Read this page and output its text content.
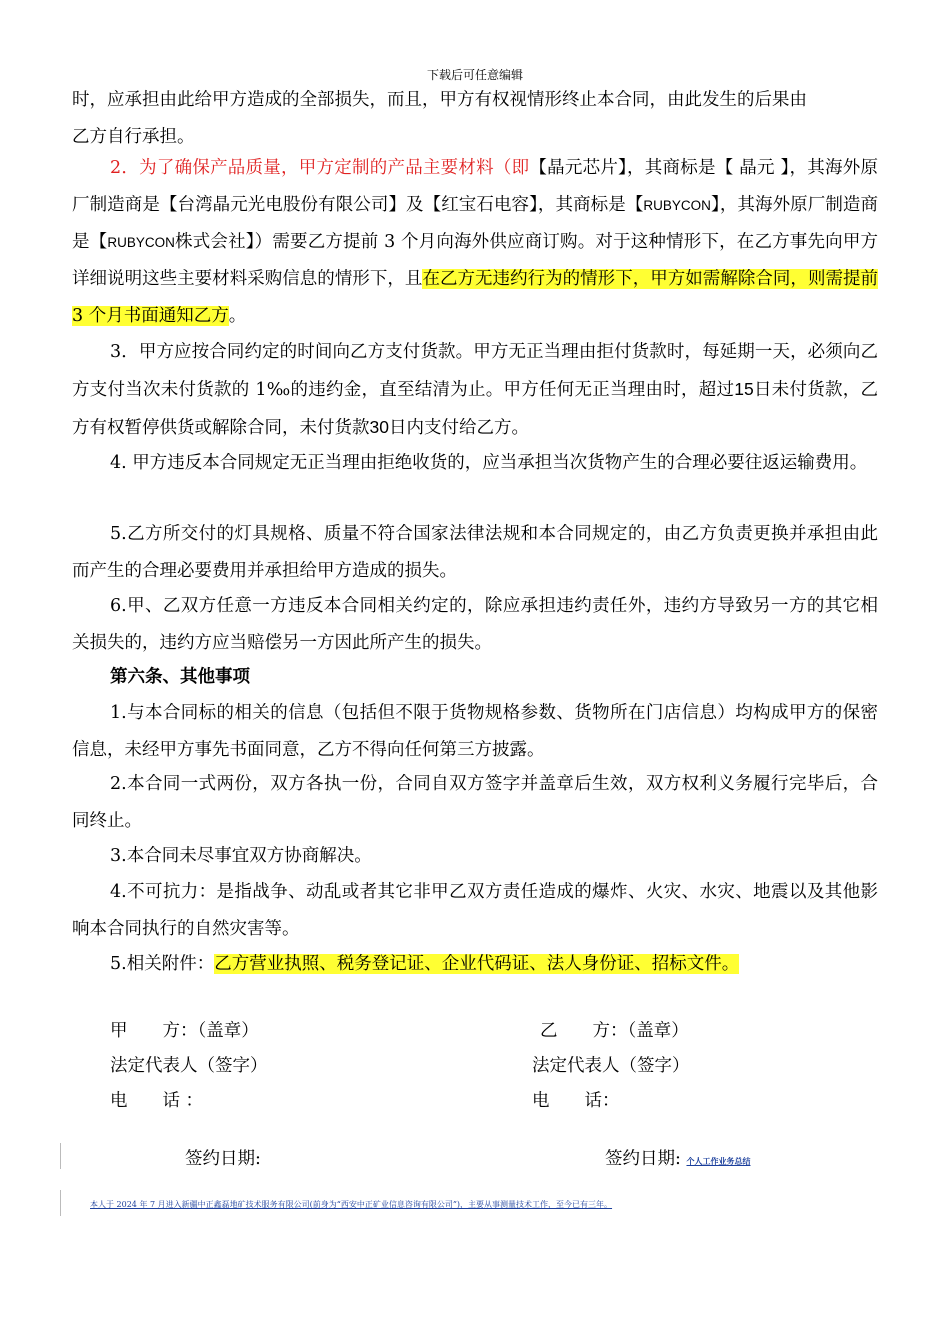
下载后可任意编辑

时，应承担由此给甲方造成的全部损失，而且，甲方有权视情形终止本合同，由此发生的后果由
乙方自行承担。

2．为了确保产品质量，甲方定制的产品主要材料（即【晶元芯片】，其商标是【 晶元 】，其海外原厂制造商是【台湾晶元光电股份有限公司】及【红宝石电容】，其商标是【RUBYCON】，其海外原厂制造商是【RUBYCON株式会社】）需要乙方提前 3 个月向海外供应商订购。对于这种情形下，在乙方事先向甲方详细说明这些主要材料采购信息的情形下，且在乙方无违约行为的情形下，甲方如需解除合同，则需提前 3 个月书面通知乙方。

3．甲方应按合同约定的时间向乙方支付货款。甲方无正当理由拒付货款时，每延期一天，必须向乙方支付当次未付货款的 1‰的违约金，直至结清为止。甲方任何无正当理由时，超过15日未付货款，乙方有权暂停供货或解除合同，未付货款30日内支付给乙方。

4. 甲方违反本合同规定无正当理由拒绝收货的，应当承担当次货物产生的合理必要往返运输费用。

5.乙方所交付的灯具规格、质量不符合国家法律法规和本合同规定的，由乙方负责更换并承担由此而产生的合理必要费用并承担给甲方造成的损失。

6.甲、乙双方任意一方违反本合同相关约定的，除应承担违约责任外，违约方导致另一方的其它相关损失的，违约方应当赔偿另一方因此所产生的损失。

第六条、其他事项

1.与本合同标的相关的信息（包括但不限于货物规格参数、货物所在门店信息）均构成甲方的保密信息，未经甲方事先书面同意，乙方不得向任何第三方披露。

2.本合同一式两份，双方各执一份，合同自双方签字并盖章后生效，双方权利义务履行完毕后，合同终止。

3.本合同未尽事宜双方协商解决。

4.不可抗力：是指战争、动乱或者其它非甲乙双方责任造成的爆炸、火灾、水灾、地震以及其他影响本合同执行的自然灾害等。

5.相关附件：乙方营业执照、税务登记证、企业代码证、法人身份证、招标文件。

甲　　方：（盖章）	乙　　方：（盖章）
法定代表人（签字）	法定代表人（签字）
电　　话 ：	电　　话：
签约日期:	签约日期: 个人工作业务总结
本人于 2024 年 7 月进入新疆中正鑫磊地矿技术服务有限公司(前身为“西安中正矿业信息咨询有限公司”)，主要从事测量技术工作，至今已有三年。
